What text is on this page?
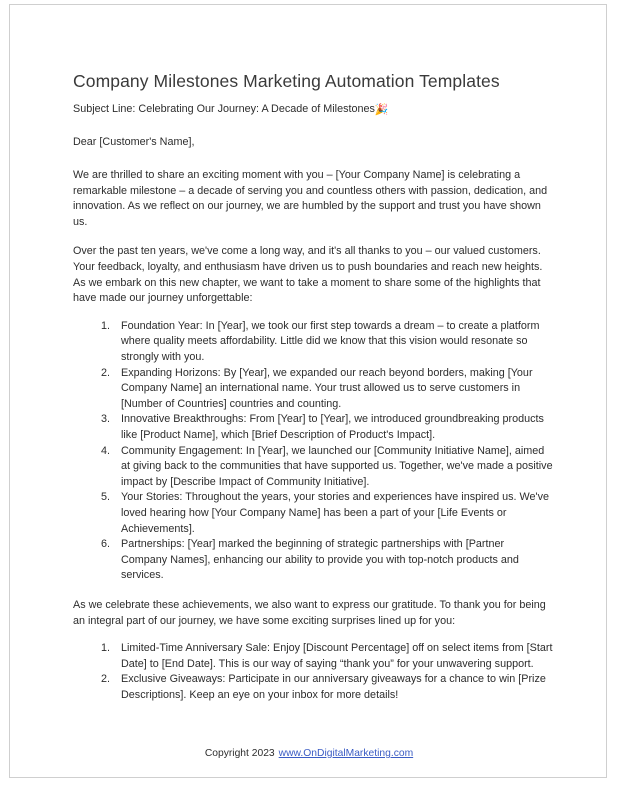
Company Milestones Marketing Automation Templates

Subject Line: Celebrating Our Journey: A Decade of Milestones🎉

Dear [Customer's Name],

We are thrilled to share an exciting moment with you – [Your Company Name] is celebrating a remarkable milestone – a decade of serving you and countless others with passion, dedication, and innovation. As we reflect on our journey, we are humbled by the support and trust you have shown us.

Over the past ten years, we've come a long way, and it's all thanks to you – our valued customers. Your feedback, loyalty, and enthusiasm have driven us to push boundaries and reach new heights. As we embark on this new chapter, we want to take a moment to share some of the highlights that have made our journey unforgettable:

Foundation Year: In [Year], we took our first step towards a dream – to create a platform where quality meets affordability. Little did we know that this vision would resonate so strongly with you.
Expanding Horizons: By [Year], we expanded our reach beyond borders, making [Your Company Name] an international name. Your trust allowed us to serve customers in [Number of Countries] countries and counting.
Innovative Breakthroughs: From [Year] to [Year], we introduced groundbreaking products like [Product Name], which [Brief Description of Product's Impact].
Community Engagement: In [Year], we launched our [Community Initiative Name], aimed at giving back to the communities that have supported us. Together, we've made a positive impact by [Describe Impact of Community Initiative].
Your Stories: Throughout the years, your stories and experiences have inspired us. We've loved hearing how [Your Company Name] has been a part of your [Life Events or Achievements].
Partnerships: [Year] marked the beginning of strategic partnerships with [Partner Company Names], enhancing our ability to provide you with top-notch products and services.

As we celebrate these achievements, we also want to express our gratitude. To thank you for being an integral part of our journey, we have some exciting surprises lined up for you:

Limited-Time Anniversary Sale: Enjoy [Discount Percentage] off on select items from [Start Date] to [End Date]. This is our way of saying “thank you” for your unwavering support.
Exclusive Giveaways: Participate in our anniversary giveaways for a chance to win [Prize Descriptions]. Keep an eye on your inbox for more details!
Copyright 2023 www.OnDigitalMarketing.com
